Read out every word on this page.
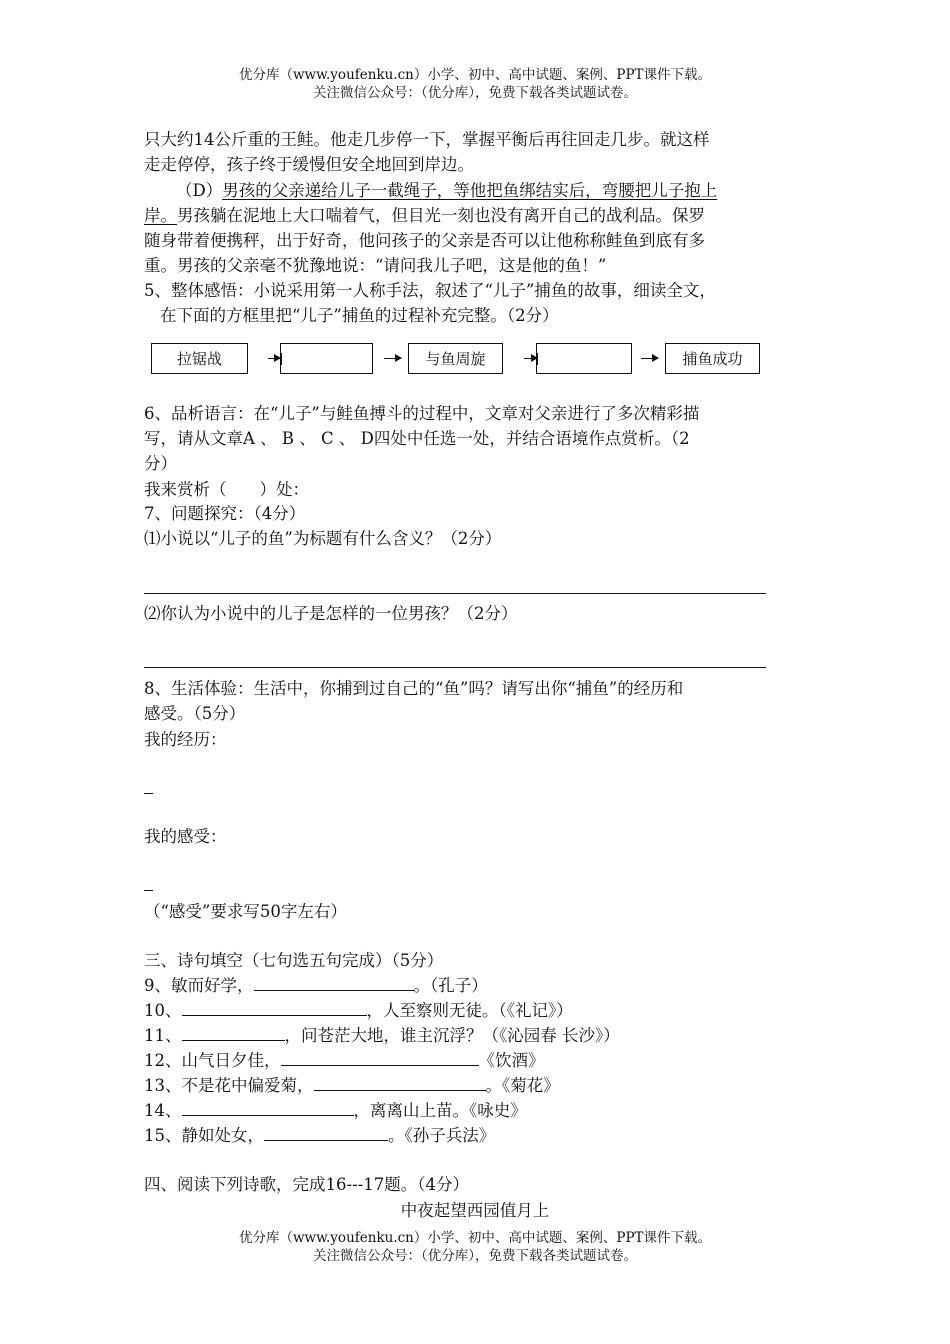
优分库（www.youfenku.cn）小学、初中、高中试题、案例、PPT课件下载。
关注微信公众号：（优分库），免费下载各类试题试卷。
只大约14公斤重的王鲑。他走几步停一下，掌握平衡后再往回走几步。就这样
走走停停，孩子终于缓慢但安全地回到岸边。
（D）男孩的父亲递给儿子一截绳子，等他把鱼绑结实后，弯腰把儿子抱上
岸。男孩躺在泥地上大口喘着气，但目光一刻也没有离开自己的战利品。保罗
随身带着便携秤，出于好奇，他问孩子的父亲是否可以让他称称鲑鱼到底有多
重。男孩的父亲毫不犹豫地说：“请问我儿子吧，这是他的鱼！”
5、整体感悟：小说采用第一人称手法，叙述了“儿子”捕鱼的故事，细读全文，
在下面的方框里把“儿子”捕鱼的过程补充完整。（2分）
拉锯战	与鱼周旋	捕鱼成功
6、品析语言：在“儿子”与鲑鱼搏斗的过程中，文章对父亲进行了多次精彩描
写，请从文章A 、 B 、 C 、 D四处中任选一处，并结合语境作点赏析。（2
分）
我来赏析（　　）处：
7、问题探究：（4分）
⑴小说以“儿子的鱼”为标题有什么含义？（2分）
⑵你认为小说中的儿子是怎样的一位男孩？（2分）
8、生活体验：生活中，你捕到过自己的“鱼”吗？请写出你“捕鱼”的经历和
感受。（5分）
我的经历：
我的感受：
（“感受”要求写50字左右）
三、诗句填空（七句选五句完成）（5分）
9、敏而好学，	。（孔子）
10、	，人至察则无徒。（《礼记》）
11、	，问苍茫大地，谁主沉浮？（《沁园春 长沙》）
12、山气日夕佳，	《饮酒》
13、不是花中偏爱菊，	。《菊花》
14、	，离离山上苗。《咏史》
15、静如处女，	。《孙子兵法》
四、阅读下列诗歌，完成16---17题。（4分）
中夜起望西园值月上
优分库（www.youfenku.cn）小学、初中、高中试题、案例、PPT课件下载。
关注微信公众号：（优分库），免费下载各类试题试卷。
